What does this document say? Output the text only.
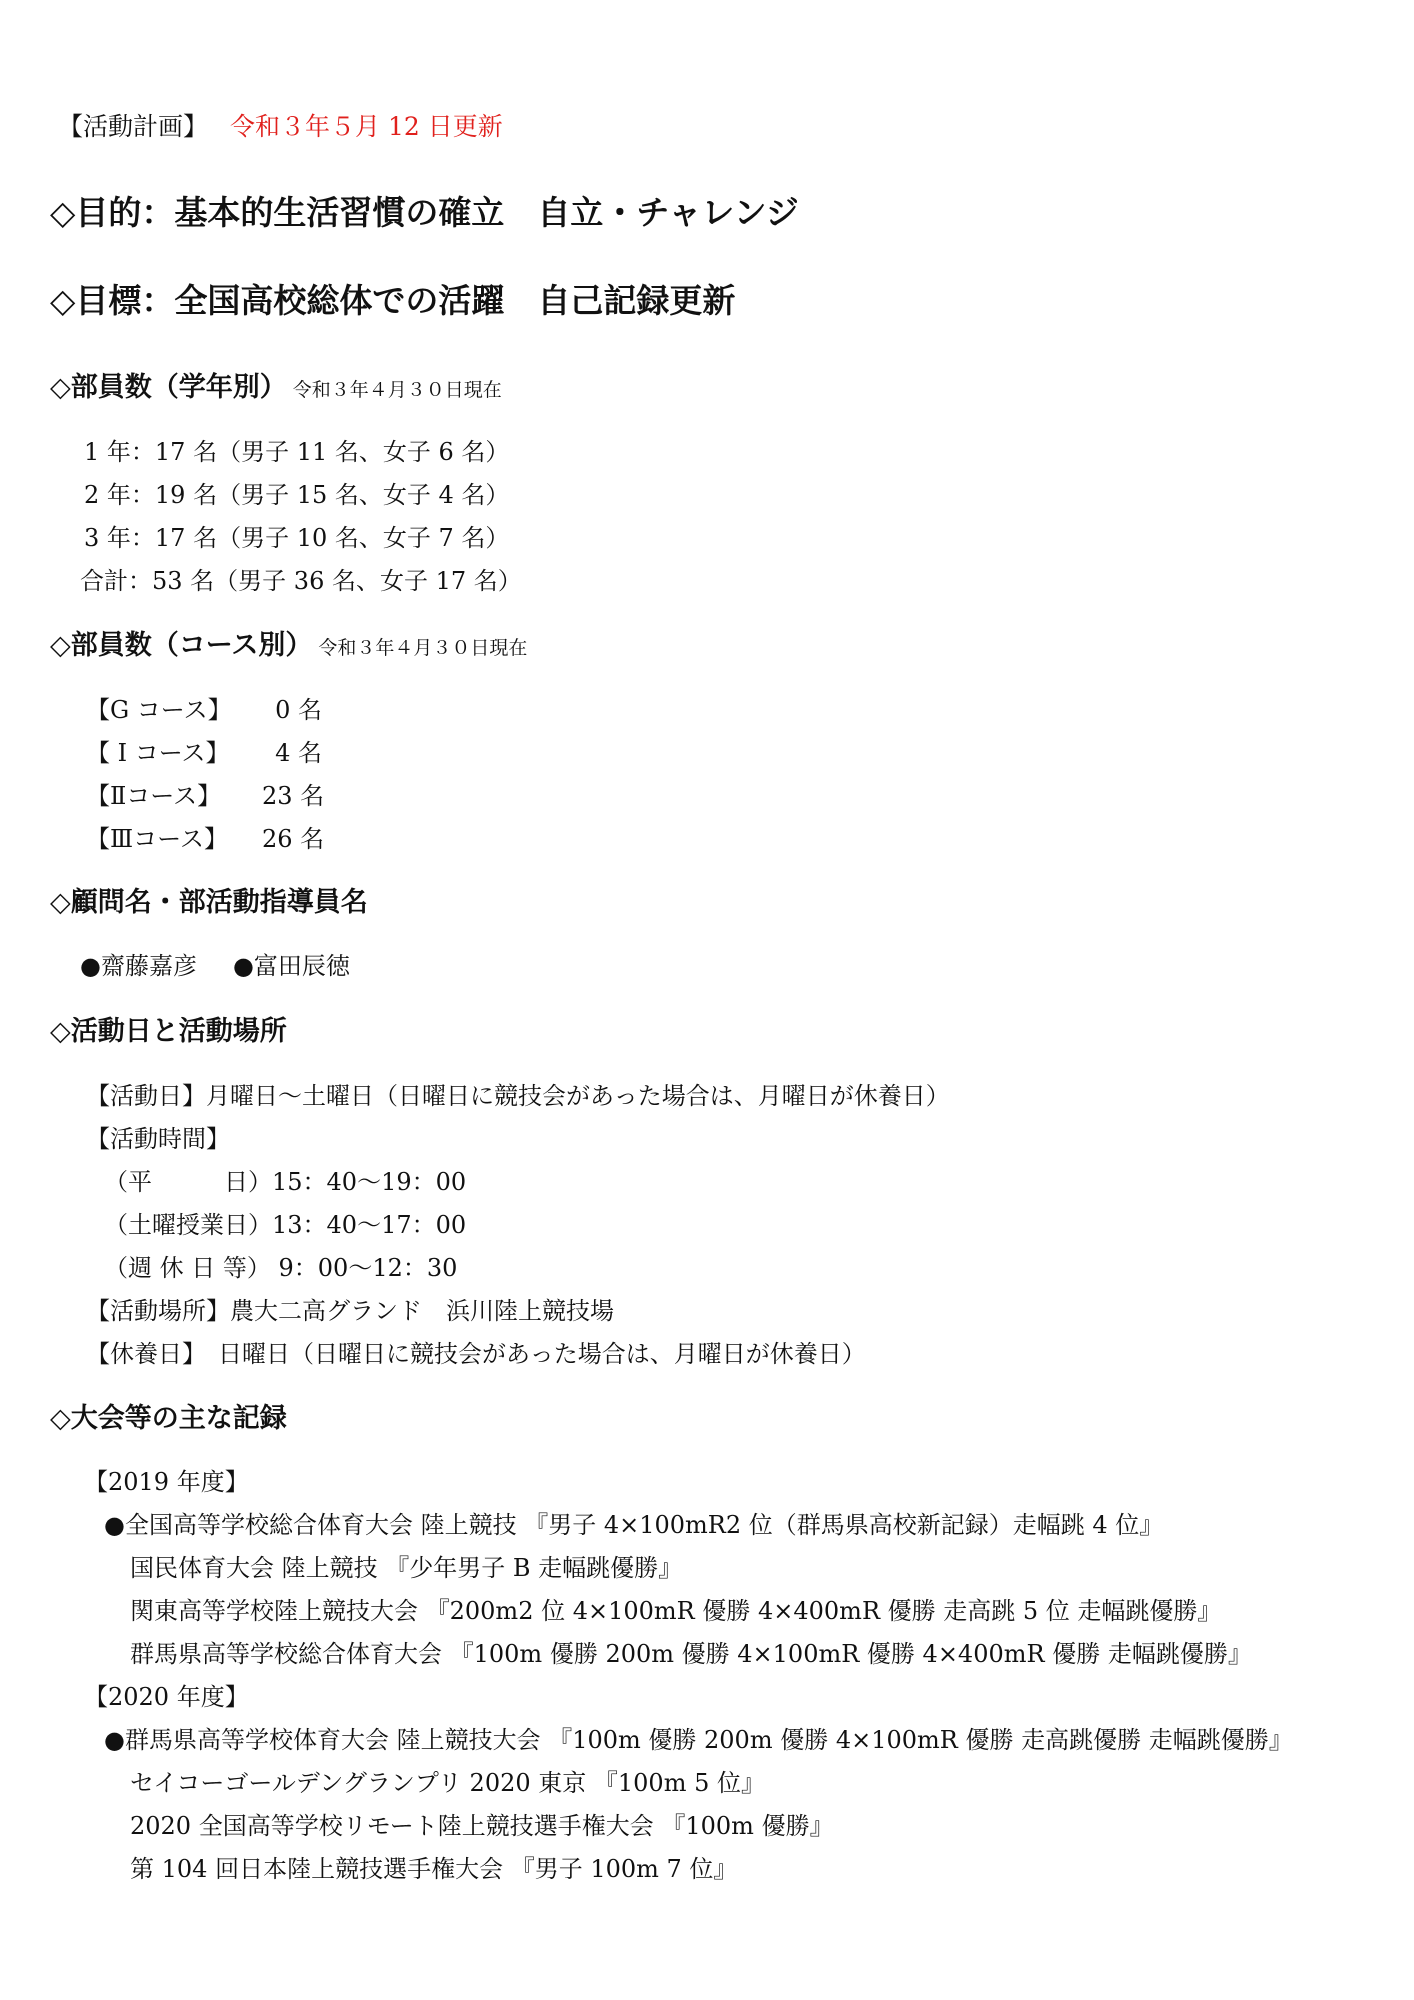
【活動計画】 令和３年５月 12 日更新
◇目的：基本的生活習慣の確立　自立・チャレンジ
◇目標：全国高校総体での活躍　自己記録更新
◇部員数（学年別） 令和３年４月３０日現在
1 年：17 名（男子 11 名、女子 6 名）
2 年：19 名（男子 15 名、女子 4 名）
3 年：17 名（男子 10 名、女子 7 名）
合計：53 名（男子 36 名、女子 17 名）
◇部員数（コース別） 令和３年４月３０日現在
【G コース】 0 名
【 I コース】 4 名
【Ⅱコース】 23 名
【Ⅲコース】 26 名
◇顧問名・部活動指導員名
●齋藤嘉彦 ●富田辰徳
◇活動日と活動場所
【活動日】月曜日～土曜日（日曜日に競技会があった場合は、月曜日が休養日）
【活動時間】
（平　　　日）15：40～19：00
（土曜授業日）13：40～17：00
（週 休 日 等） 9：00～12：30
【活動場所】農大二高グランド　浜川陸上競技場
【休養日】　日曜日（日曜日に競技会があった場合は、月曜日が休養日）
◇大会等の主な記録
【2019 年度】
●全国高等学校総合体育大会 陸上競技 『男子 4×100mR2 位（群馬県高校新記録）走幅跳 4 位』
国民体育大会 陸上競技 『少年男子 B 走幅跳優勝』
関東高等学校陸上競技大会 『200m2 位 4×100mR 優勝 4×400mR 優勝 走高跳 5 位 走幅跳優勝』
群馬県高等学校総合体育大会 『100m 優勝 200m 優勝 4×100mR 優勝 4×400mR 優勝 走幅跳優勝』
【2020 年度】
●群馬県高等学校体育大会 陸上競技大会 『100m 優勝 200m 優勝 4×100mR 優勝 走高跳優勝 走幅跳優勝』
セイコーゴールデングランプリ 2020 東京 『100m 5 位』
2020 全国高等学校リモート陸上競技選手権大会 『100m 優勝』
第 104 回日本陸上競技選手権大会 『男子 100m 7 位』
